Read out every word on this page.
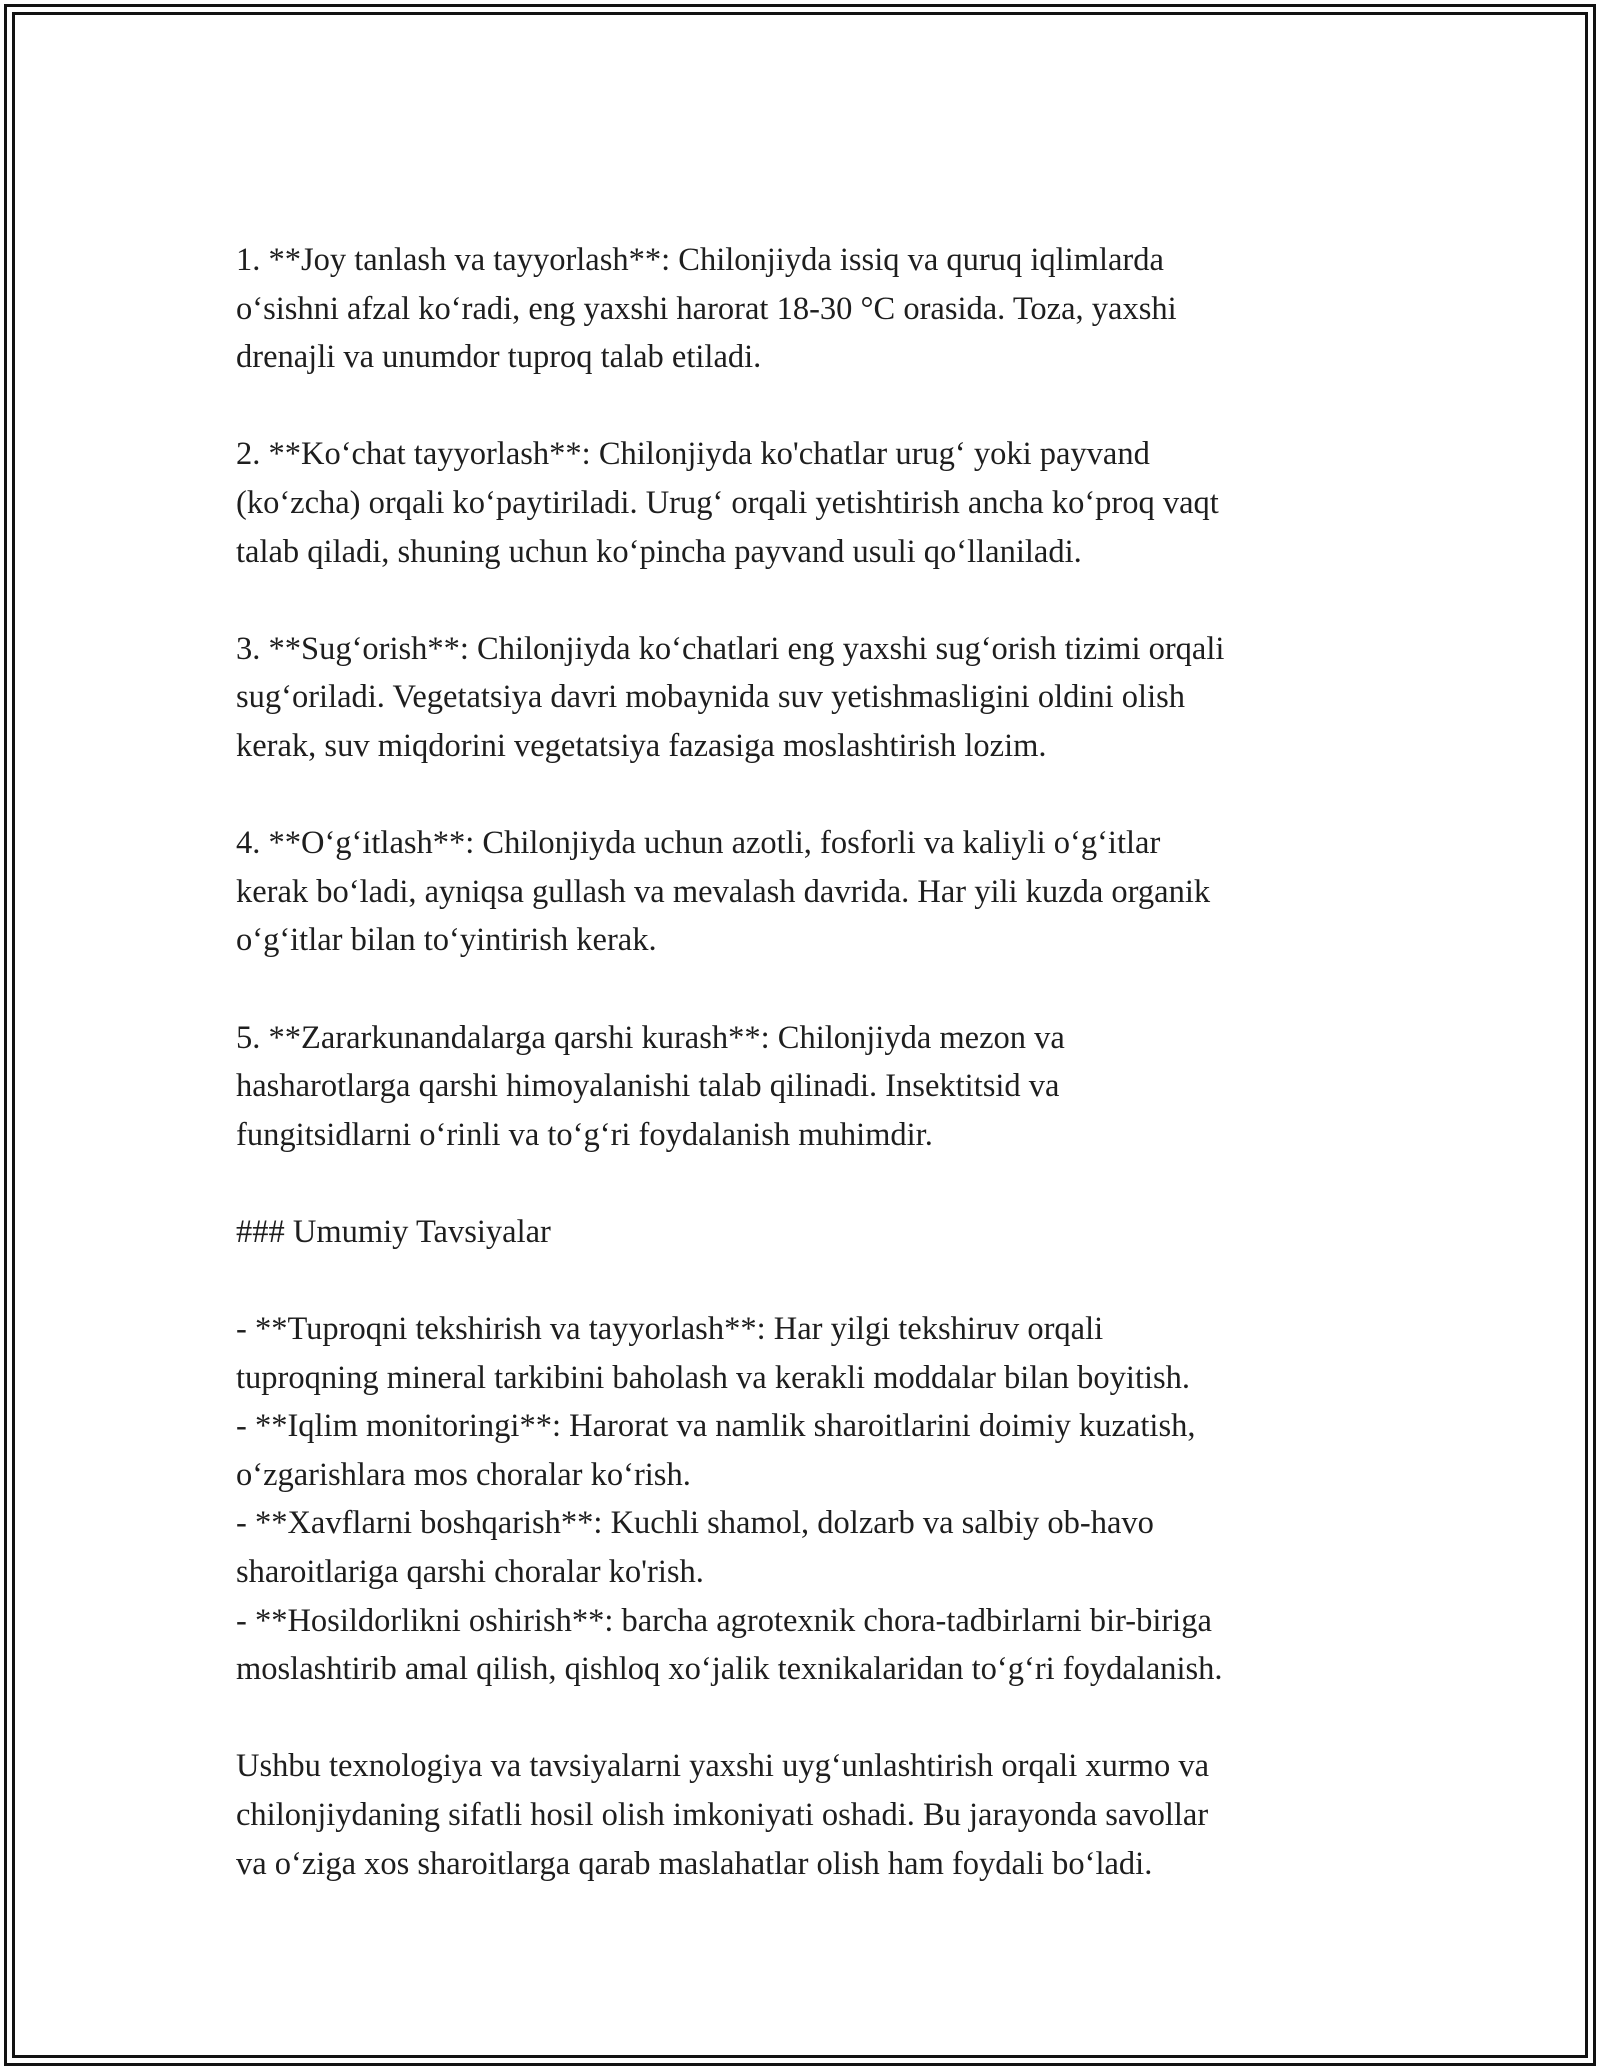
1. **Joy tanlash va tayyorlash**: Chilonjiyda issiq va quruq iqlimlarda
o‘sishni afzal ko‘radi, eng yaxshi harorat 18-30 °C orasida. Toza, yaxshi
drenajli va unumdor tuproq talab etiladi.
2. **Ko‘chat tayyorlash**: Chilonjiyda ko'chatlar urug‘ yoki payvand
(ko‘zcha) orqali ko‘paytiriladi. Urug‘ orqali yetishtirish ancha ko‘proq vaqt
talab qiladi, shuning uchun ko‘pincha payvand usuli qo‘llaniladi.
3. **Sug‘orish**: Chilonjiyda ko‘chatlari eng yaxshi sug‘orish tizimi orqali
sug‘oriladi. Vegetatsiya davri mobaynida suv yetishmasligini oldini olish
kerak, suv miqdorini vegetatsiya fazasiga moslashtirish lozim.
4. **O‘g‘itlash**: Chilonjiyda uchun azotli, fosforli va kaliyli o‘g‘itlar
kerak bo‘ladi, ayniqsa gullash va mevalash davrida. Har yili kuzda organik
o‘g‘itlar bilan to‘yintirish kerak.
5. **Zararkunandalarga qarshi kurash**: Chilonjiyda mezon va
hasharotlarga qarshi himoyalanishi talab qilinadi. Insektitsid va
fungitsidlarni o‘rinli va to‘g‘ri foydalanish muhimdir.
### Umumiy Tavsiyalar
- **Tuproqni tekshirish va tayyorlash**: Har yilgi tekshiruv orqali
tuproqning mineral tarkibini baholash va kerakli moddalar bilan boyitish.
- **Iqlim monitoringi**: Harorat va namlik sharoitlarini doimiy kuzatish,
o‘zgarishlara mos choralar ko‘rish.
- **Xavflarni boshqarish**: Kuchli shamol, dolzarb va salbiy ob-havo
sharoitlariga qarshi choralar ko'rish.
- **Hosildorlikni oshirish**: barcha agrotexnik chora-tadbirlarni bir-biriga
moslashtirib amal qilish, qishloq xo‘jalik texnikalaridan to‘g‘ri foydalanish.
Ushbu texnologiya va tavsiyalarni yaxshi uyg‘unlashtirish orqali xurmo va
chilonjiydaning sifatli hosil olish imkoniyati oshadi. Bu jarayonda savollar
va o‘ziga xos sharoitlarga qarab maslahatlar olish ham foydali bo‘ladi.
